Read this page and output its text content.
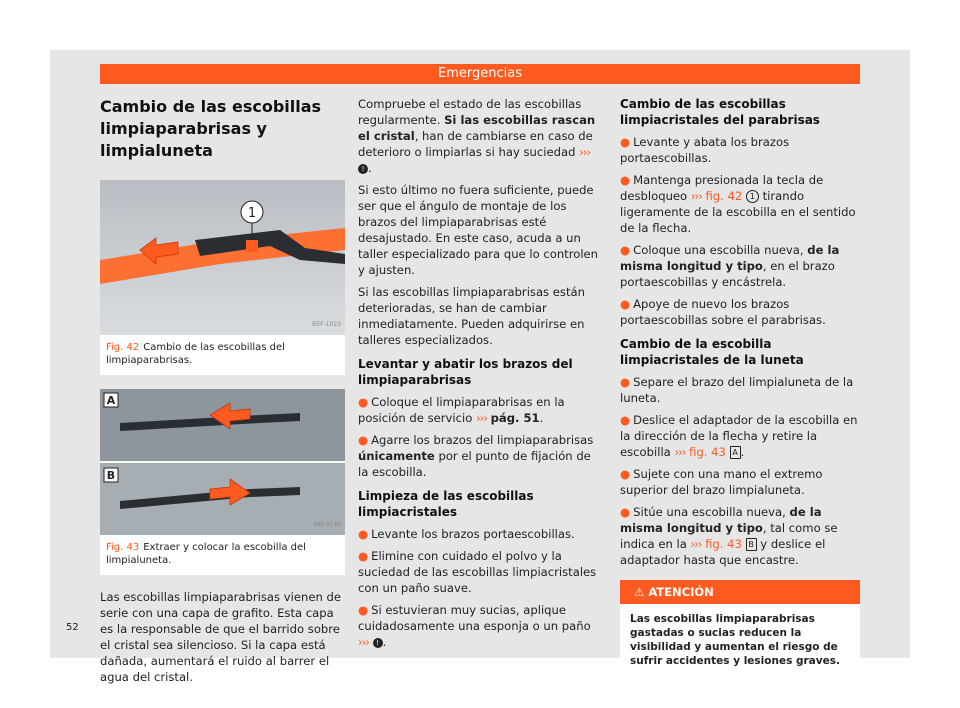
Emergencias
Cambio de las escobillas limpiaparabrisas y limpialuneta
1
B5F-1023
Fig. 42 Cambio de las escobillas del limpiaparabrisas.
A
B
BKJ-0146
Fig. 43 Extraer y colocar la escobilla del limpialuneta.

Las escobillas limpiaparabrisas vienen de serie con una capa de grafito. Esta capa es la responsable de que el barrido sobre el cristal sea silencioso. Si la capa está dañada, aumentará el ruido al barrer el agua del cristal.

Compruebe el estado de las escobillas regularmente. Si las escobillas rascan el cristal, han de cambiarse en caso de deterioro o limpiarlas si hay suciedad ››› ! .

Si esto último no fuera suficiente, puede ser que el ángulo de montaje de los brazos del limpiaparabrisas esté desajustado. En este caso, acuda a un taller especializado para que lo controlen y ajusten.

Si las escobillas limpiaparabrisas están deterioradas, se han de cambiar inmediatamente. Pueden adquirirse en talleres especializados.

Levantar y abatir los brazos del limpiaparabrisas

● Coloque el limpiaparabrisas en la posición de servicio ››› pág. 51.

● Agarre los brazos del limpiaparabrisas únicamente por el punto de fijación de la escobilla.

Limpieza de las escobillas limpiacristales

● Levante los brazos portaescobillas.

● Elimine con cuidado el polvo y la suciedad de las escobillas limpiacristales con un paño suave.

● Si estuvieran muy sucias, aplique cuidadosamente una esponja o un paño ››› ! .

Cambio de las escobillas limpiacristales del parabrisas

● Levante y abata los brazos portaescobillas.

● Mantenga presionada la tecla de desbloqueo ››› fig. 42 1 tirando ligeramente de la escobilla en el sentido de la flecha.

● Coloque una escobilla nueva, de la misma longitud y tipo, en el brazo portaescobillas y encástrela.

● Apoye de nuevo los brazos portaescobillas sobre el parabrisas.

Cambio de la escobilla limpiacristales de la luneta

● Separe el brazo del limpialuneta de la luneta.

● Deslice el adaptador de la escobilla en la dirección de la flecha y retire la escobilla ››› fig. 43 A .

● Sujete con una mano el extremo superior del brazo limpialuneta.

● Sitúe una escobilla nueva, de la misma longitud y tipo, tal como se indica en la ››› fig. 43 B y deslice el adaptador hasta que encastre.

⚠ ATENCIÓN
Las escobillas limpiaparabrisas gastadas o sucias reducen la visibilidad y aumentan el riesgo de sufrir accidentes y lesiones graves.
52
